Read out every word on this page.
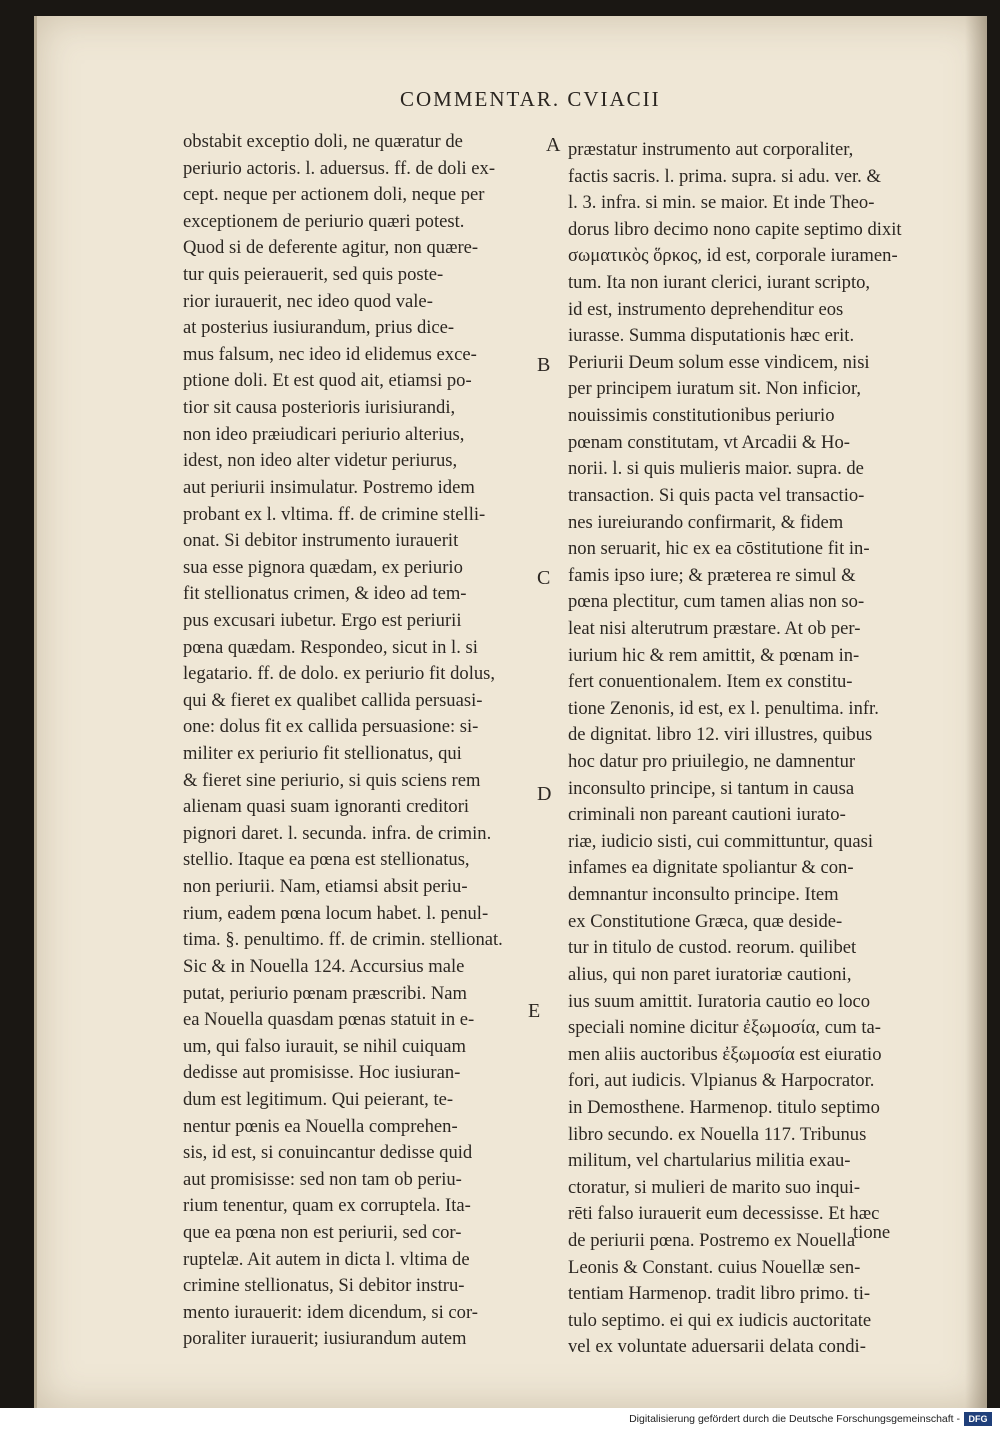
COMMENTAR. CVIACII
obstabit exceptio doli, ne quæratur de
periurio actoris. l. aduersus. ff. de doli ex-
cept. neque per actionem doli, neque per
exceptionem de periurio quæri potest.
Quod si de deferente agitur, non quære-
tur quis peierauerit, sed quis poste-
rior iurauerit, nec ideo quod vale-
at posterius iusiurandum, prius dice-
mus falsum, nec ideo id elidemus exce-
ptione doli. Et est quod ait, etiamsi po-
tior sit causa posterioris iurisiurandi,
non ideo præiudicari periurio alterius,
idest, non ideo alter videtur periurus,
aut periurii insimulatur. Postremo idem
probant ex l. vltima. ff. de crimine stelli-
onat. Si debitor instrumento iurauerit
sua esse pignora quædam, ex periurio
fit stellionatus crimen, & ideo ad tem-
pus excusari iubetur. Ergo est periurii
pœna quædam. Respondeo, sicut in l. si
legatario. ff. de dolo. ex periurio fit dolus,
qui & fieret ex qualibet callida persuasi-
one: dolus fit ex callida persuasione: si-
militer ex periurio fit stellionatus, qui
& fieret sine periurio, si quis sciens rem
alienam quasi suam ignoranti creditori
pignori daret. l. secunda. infra. de crimin.
stellio. Itaque ea pœna est stellionatus,
non periurii. Nam, etiamsi absit periu-
rium, eadem pœna locum habet. l. penul-
tima. §. penultimo. ff. de crimin. stellionat.
Sic & in Nouella 124. Accursius male
putat, periurio pœnam præscribi. Nam
ea Nouella quasdam pœnas statuit in e-
um, qui falso iurauit, se nihil cuiquam
dedisse aut promisisse. Hoc iusiuran-
dum est legitimum. Qui peierant, te-
nentur pœnis ea Nouella comprehen-
sis, id est, si conuincantur dedisse quid
aut promisisse: sed non tam ob periu-
rium tenentur, quam ex corruptela. Ita-
que ea pœna non est periurii, sed cor-
ruptelæ. Ait autem in dicta l. vltima de
crimine stellionatus, Si debitor instru-
mento iurauerit: idem dicendum, si cor-
poraliter iurauerit; iusiurandum autem
præstatur instrumento aut corporaliter,
factis sacris. l. prima. supra. si adu. ver. &
l. 3. infra. si min. se maior. Et inde Theo-
dorus libro decimo nono capite septimo dixit
σωματικὸς ὅρκος, id est, corporale iuramen-
tum. Ita non iurant clerici, iurant scripto,
id est, instrumento deprehenditur eos
iurasse. Summa disputationis hæc erit.
Periurii Deum solum esse vindicem, nisi
per principem iuratum sit. Non inficior,
nouissimis constitutionibus periurio
pœnam constitutam, vt Arcadii & Ho-
norii. l. si quis mulieris maior. supra. de
transaction. Si quis pacta vel transactio-
nes iureiurando confirmarit, & fidem
non seruarit, hic ex ea cōstitutione fit in-
famis ipso iure; & præterea re simul &
pœna plectitur, cum tamen alias non so-
leat nisi alterutrum præstare. At ob per-
iurium hic & rem amittit, & pœnam in-
fert conuentionalem. Item ex constitu-
tione Zenonis, id est, ex l. penultima. infr.
de dignitat. libro 12. viri illustres, quibus
hoc datur pro priuilegio, ne damnentur
inconsulto principe, si tantum in causa
criminali non pareant cautioni iurato-
riæ, iudicio sisti, cui committuntur, quasi
infames ea dignitate spoliantur & con-
demnantur inconsulto principe. Item
ex Constitutione Græca, quæ deside-
tur in titulo de custod. reorum. quilibet
alius, qui non paret iuratoriæ cautioni,
ius suum amittit. Iuratoria cautio eo loco
speciali nomine dicitur ἐξωμοσία, cum ta-
men aliis auctoribus ἐξωμοσία est eiuratio
fori, aut iudicis. Vlpianus & Harpocrator.
in Demosthene. Harmenop. titulo septimo
libro secundo. ex Nouella 117. Tribunus
militum, vel chartularius militia exau-
ctoratur, si mulieri de marito suo inqui-
rēti falso iurauerit eum decessisse. Et hæc
de periurii pœna. Postremo ex Nouella
Leonis & Constant. cuius Nouellæ sen-
tentiam Harmenop. tradit libro primo. ti-
tulo septimo. ei qui ex iudicis auctoritate
vel ex voluntate aduersarii delata condi-
A
B
C
D
E
tione
Digitalisierung gefördert durch die Deutsche Forschungsgemeinschaft - DFG
